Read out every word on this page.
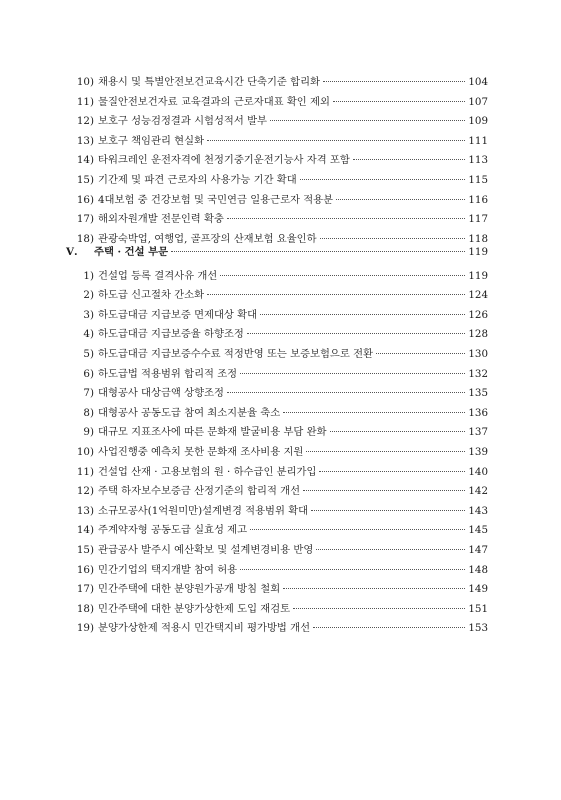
10) 채용시 및 특별안전보건교육시간 단축기준 합리화	104
11) 물질안전보건자료 교육결과의 근로자대표 확인 제외	107
12) 보호구 성능검정결과 시험성적서 발부	109
13) 보호구 책임관리 현실화	111
14) 타워크레인 운전자격에 천정기중기운전기능사 자격 포함	113
15) 기간제 및 파견 근로자의 사용가능 기간 확대	115
16) 4대보험 중 건강보험 및 국민연금 일용근로자 적용분	116
17) 해외자원개발 전문인력 확충	117
18) 관광숙박업, 여행업, 골프장의 산재보험 요율인하	118
Ⅴ.	주택 · 건설 부문	119
1) 건설업 등록 결격사유 개선	119
2) 하도급 신고절차 간소화	124
3) 하도급대금 지급보증 면제대상 확대	126
4) 하도급대금 지급보증율 하향조정	128
5) 하도급대금 지급보증수수료 적정반영 또는 보증보험으로 전환	130
6) 하도급법 적용범위 합리적 조정	132
7) 대형공사 대상금액 상향조정	135
8) 대형공사 공동도급 참여 최소지분율 축소	136
9) 대규모 지표조사에 따른 문화재 발굴비용 부담 완화	137
10) 사업진행중 예측치 못한 문화재 조사비용 지원	139
11) 건설업 산재 · 고용보험의 원 · 하수급인 분리가입	140
12) 주택 하자보수보증금 산정기준의 합리적 개선	142
13) 소규모공사(1억원미만)설계변경 적용범위 확대	143
14) 주계약자형 공동도급 실효성 제고	145
15) 관급공사 발주시 예산확보 및 설계변경비용 반영	147
16) 민간기업의 택지개발 참여 허용	148
17) 민간주택에 대한 분양원가공개 방침 철회	149
18) 민간주택에 대한 분양가상한제 도입 재검토	151
19) 분양가상한제 적용시 민간택지비 평가방법 개선	153
